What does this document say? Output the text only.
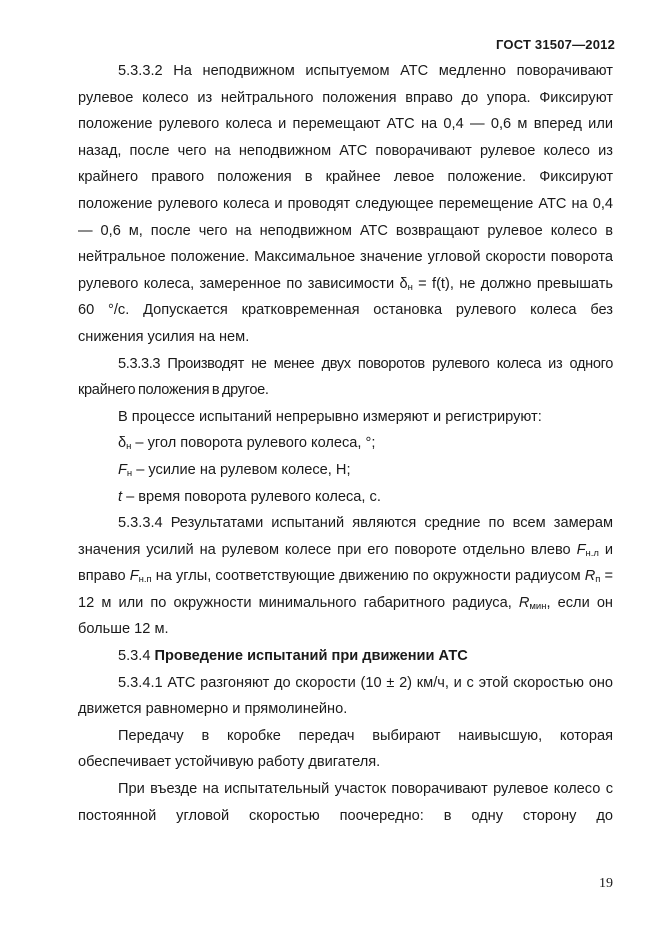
ГОСТ 31507—2012

5.3.3.2 На неподвижном испытуемом АТС медленно поворачивают рулевое колесо из нейтрального положения вправо до упора. Фиксируют положение рулевого колеса и перемещают АТС на 0,4 — 0,6 м вперед или назад, после чего на неподвижном АТС поворачивают рулевое колесо из крайнего правого положения в крайнее левое положение. Фиксируют положение рулевого колеса и проводят следующее перемещение АТС на 0,4 — 0,6 м, после чего на неподвижном АТС возвращают рулевое колесо в нейтральное положение. Максимальное значение угловой скорости поворота рулевого колеса, замеренное по зависимости $\delta_н = f(t)$, не должно превышать 60 °/с. Допускается кратковременная остановка рулевого колеса без снижения усилия на нем.

5.3.3.3 Производят не менее двух поворотов рулевого колеса из одного крайнего положения в другое.

В процессе испытаний непрерывно измеряют и регистрируют:

$\delta_н$ – угол поворота рулевого колеса, °;

$F_н$ – усилие на рулевом колесе, Н;

t – время поворота рулевого колеса, с.

5.3.3.4 Результатами испытаний являются средние по всем замерам значения усилий на рулевом колесе при его повороте отдельно влево $F_{н.л}$ и вправо $F_{н.п}$ на углы, соответствующие движению по окружности радиусом $R_п = 12$ м или по окружности минимального габаритного радиуса, $R_{мин}$, если он больше 12 м.

5.3.4 Проведение испытаний при движении АТС

5.3.4.1 АТС разгоняют до скорости (10 ± 2) км/ч, и с этой скоростью оно движется равномерно и прямолинейно.

Передачу в коробке передач выбирают наивысшую, которая обеспечивает устойчивую работу двигателя.

При въезде на испытательный участок поворачивают рулевое колесо с постоянной угловой скоростью поочередно: в одну сторону до

19
